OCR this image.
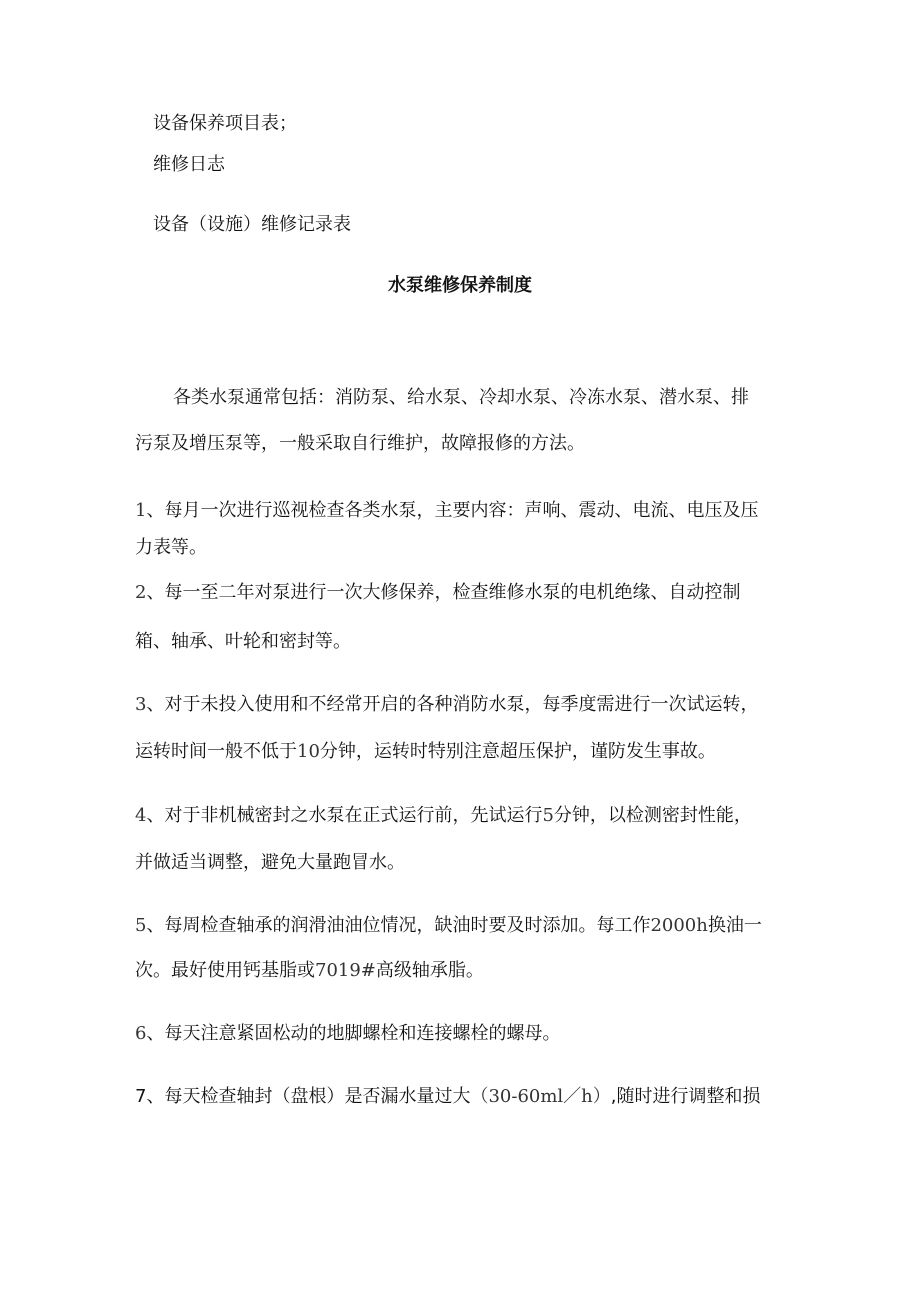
设备保养项目表；

维修日志

设备（设施）维修记录表

水泵维修保养制度

各类水泵通常包括：消防泵、给水泵、冷却水泵、冷冻水泵、潜水泵、排

污泵及增压泵等，一般采取自行维护，故障报修的方法。

1、每月一次进行巡视检查各类水泵，主要内容：声响、震动、电流、电压及压

力表等。

2、每一至二年对泵进行一次大修保养，检查维修水泵的电机绝缘、自动控制

箱、轴承、叶轮和密封等。

3、对于未投入使用和不经常开启的各种消防水泵，每季度需进行一次试运转，

运转时间一般不低于10分钟，运转时特别注意超压保护，谨防发生事故。

4、对于非机械密封之水泵在正式运行前，先试运行5分钟，以检测密封性能，

并做适当调整，避免大量跑冒水。

5、每周检查轴承的润滑油油位情况，缺油时要及时添加。每工作2000h换油一

次。最好使用钙基脂或7019#高级轴承脂。

6、每天注意紧固松动的地脚螺栓和连接螺栓的螺母。

7、每天检查轴封（盘根）是否漏水量过大（30-60ml／h）,随时进行调整和损
